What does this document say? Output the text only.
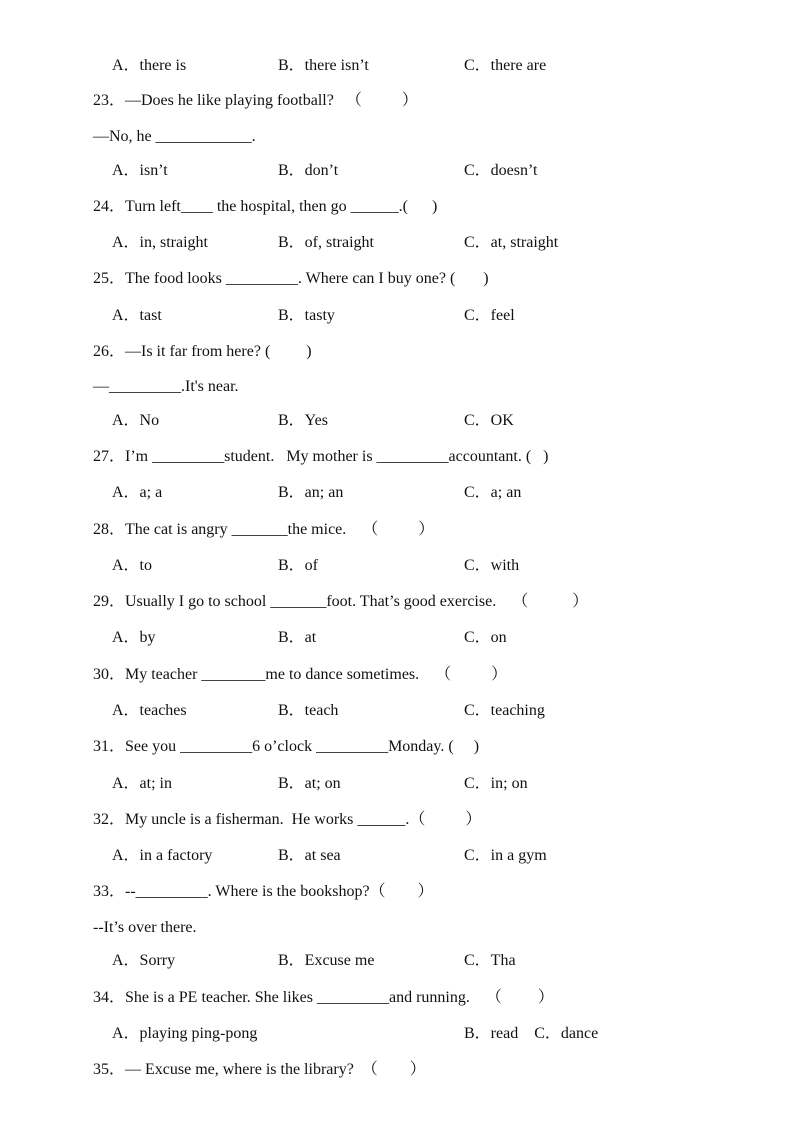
A．there is	B．there isn’t	C．there are
23．—Does he like playing football?   （          ）
—No, he ____________.
A．isn’t	B．don’t	C．doesn’t
24．Turn left____ the hospital, then go ______.(      )
A．in, straight	B．of, straight	C．at, straight
25．The food looks _________. Where can I buy one? (       )
A．tast	B．tasty	C．feel
26．—Is it far from here? (         )
—_________.It's near.
A．No	B．Yes	C．OK
27．I’m _________student.   My mother is _________accountant. (   )
A．a; a	B．an; an	C．a; an
28．The cat is angry _______the mice.    （          ）
A．to	B．of	C．with
29．Usually I go to school _______foot. That’s good exercise.    （           ）
A．by	B．at	C．on
30．My teacher ________me to dance sometimes.    （          ）
A．teaches	B．teach	C．teaching
31．See you _________6 o’clock _________Monday. (     )
A．at; in	B．at; on	C．in; on
32．My uncle is a fisherman.  He works ______.（          ）
A．in a factory	B．at sea	C．in a gym
33．--_________. Where is the bookshop?（        ）
--It’s over there.
A．Sorry	B．Excuse me	C．Tha
34．She is a PE teacher. She likes _________and running.    （         ）
A．playing ping-pong	B．read    C．dance
35．— Excuse me, where is the library?  （        ）
